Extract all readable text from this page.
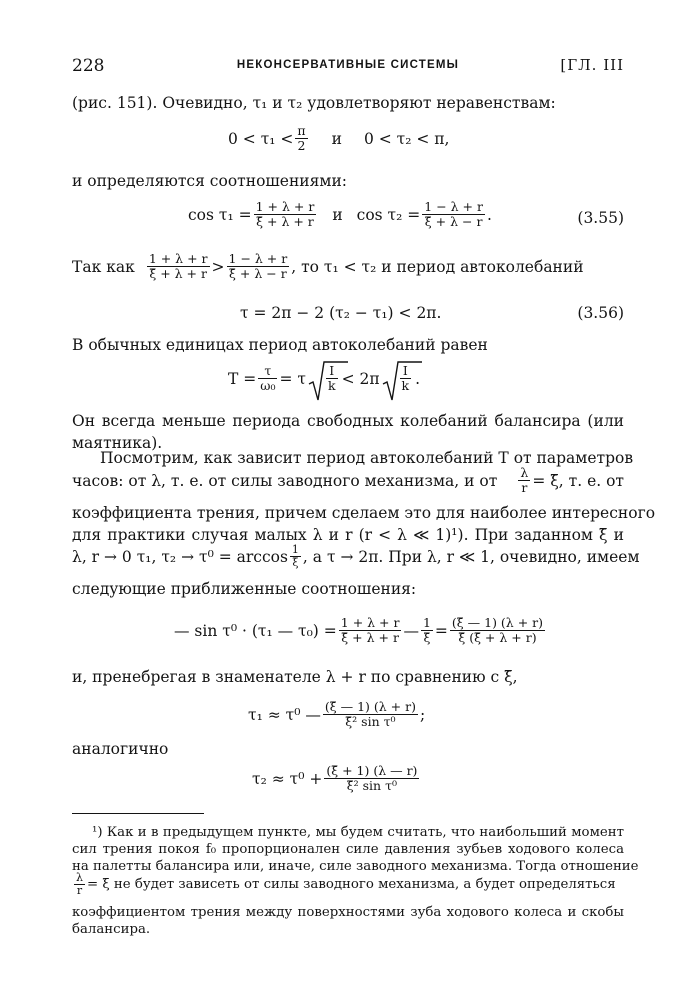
228	НЕКОНСЕРВАТИВНЫЕ СИСТЕМЫ	[ГЛ. III
(рис. 151). Очевидно, τ₁ и τ₂ удовлетворяют неравенствам:
$0 < \tau_1 < \frac{\pi}{2}$ и 0 < τ₂ < π,
и определяются соотношениями:
$\cos \tau_1 = \frac{1 + \lambda + r}{\xī + \lambda + r}$ и $\cos \tau_2 = \frac{1 - \lambda + r}{\xī + \lambda - r}$ .	(3.55)
Так как $\frac{1 + \lambda + r}{\xī + \lambda + r} > \frac{1 - \lambda + r}{\xī + \lambda - r}$ , то τ₁ < τ₂ и период автоколебаний
τ = 2π − 2 (τ₂ − τ₁) < 2π.	(3.56)
В обычных единицах период автоколебаний равен
$T = \frac{\tau}{\text{ω₀}} = \tau \frac{I}{k} < 2\pi \frac{I}{k}$ .
Он всегда меньше периода свободных колебаний балансира (или
маятника).
Посмотрим, как зависит период автоколебаний T от параметров
часов: от λ, т. е. от силы заводного механизма, и от $\frac{\lambda}{r}$ = ξ̄, т. е. от
коэффициента трения, причем сделаем это для наиболее интересного
для практики случая малых λ и r (r < λ ≪ 1)¹). При заданном ξ̄ и
λ, r → 0 τ₁, $\tau_2 \to \tau^0 = \arccos \frac{1}{\xī}$ , а τ → 2π. При λ, r ≪ 1, очевидно, имеем
следующие приближенные соотношения:
— sin τ⁰ · (τ₁ — $\tau_0) = \frac{1 + \lambda + r}{\xī + \lambda + r}$ — $\frac{1}{\xī} = \frac{(\xī — 1) (\lambda + r)}{\xī (\xī + \lambda + r)}$
и, пренебрегая в знаменателе λ + r по сравнению с ξ̄,
τ₁ ≈ τ⁰ — $\frac{(\xī — 1) (\lambda + r)}{\text{ξ̄² sin τ⁰}}$ ;
аналогично
$\tau_2 \approx \tau^0 + \frac{(\xī + 1) (\lambda — r)}{\text{ξ̄² sin τ⁰}}$
¹) Как и в предыдущем пункте, мы будем считать, что наибольший момент
сил трения покоя f₀ пропорционален силе давления зубьев ходового колеса
на палетты балансира или, иначе, силе заводного механизма. Тогда отношение
$\frac{\lambda}{r}$ = ξ̄ не будет зависеть от силы заводного механизма, а будет определяться
коэффициентом трения между поверхностями зуба ходового колеса и скобы
балансира.
